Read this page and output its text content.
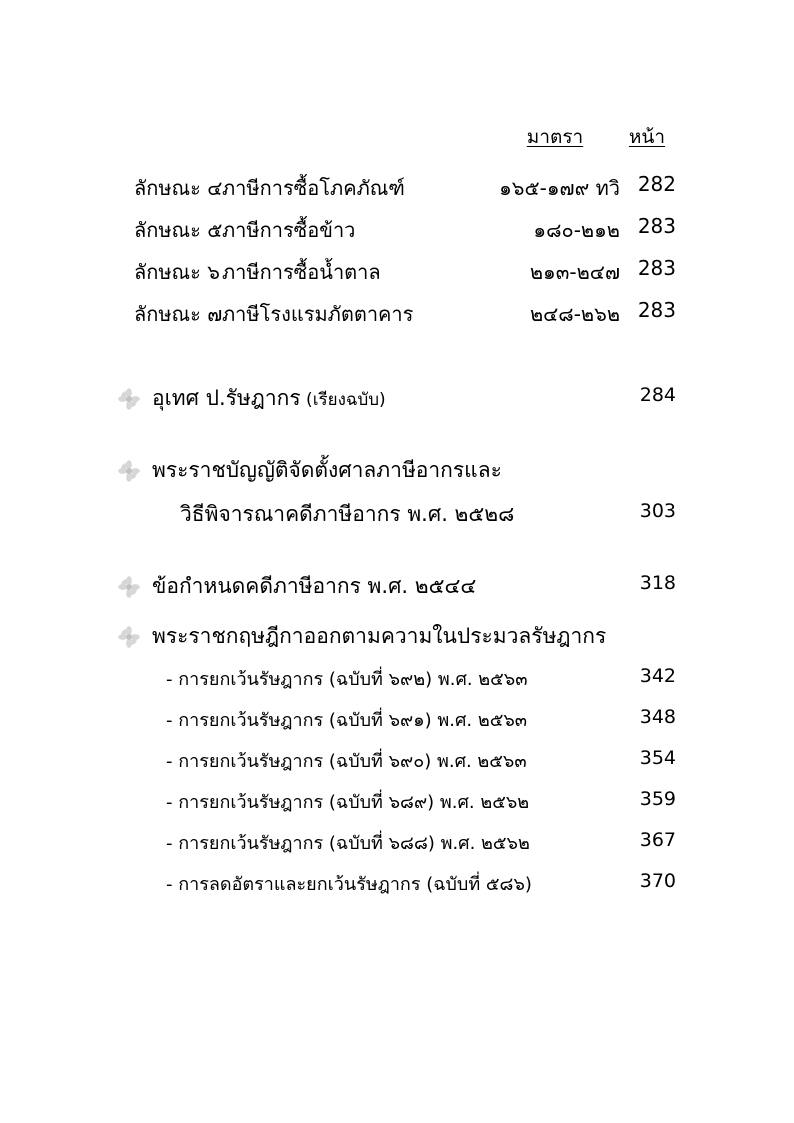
มาตรา	หน้า
ลักษณะ ๔ ภาษีการซื้อโภคภัณฑ์	๑๖๕-๑๗๙ ทวิ 282
ลักษณะ ๕ ภาษีการซื้อข้าว	๑๘๐-๒๑๒ 283
ลักษณะ ๖ ภาษีการซื้อน้ำตาล	๒๑๓-๒๔๗ 283
ลักษณะ ๗ ภาษีโรงแรมภัตตาคาร	๒๔๘-๒๖๒ 283
อุเทศ ป.รัษฎากร (เรียงฉบับ)	284
พระราชบัญญัติจัดตั้งศาลภาษีอากรและ
วิธีพิจารณาคดีภาษีอากร พ.ศ. ๒๕๒๘	303
ข้อกำหนดคดีภาษีอากร พ.ศ. ๒๕๔๔	318
พระราชกฤษฎีกาออกตามความในประมวลรัษฎากร
- การยกเว้นรัษฎากร (ฉบับที่ ๖๙๒) พ.ศ. ๒๕๖๓	342
- การยกเว้นรัษฎากร (ฉบับที่ ๖๙๑) พ.ศ. ๒๕๖๓	348
- การยกเว้นรัษฎากร (ฉบับที่ ๖๙๐) พ.ศ. ๒๕๖๓	354
- การยกเว้นรัษฎากร (ฉบับที่ ๖๘๙) พ.ศ. ๒๕๖๒	359
- การยกเว้นรัษฎากร (ฉบับที่ ๖๘๘) พ.ศ. ๒๕๖๒	367
- การลดอัตราและยกเว้นรัษฎากร (ฉบับที่ ๕๘๖)	370
